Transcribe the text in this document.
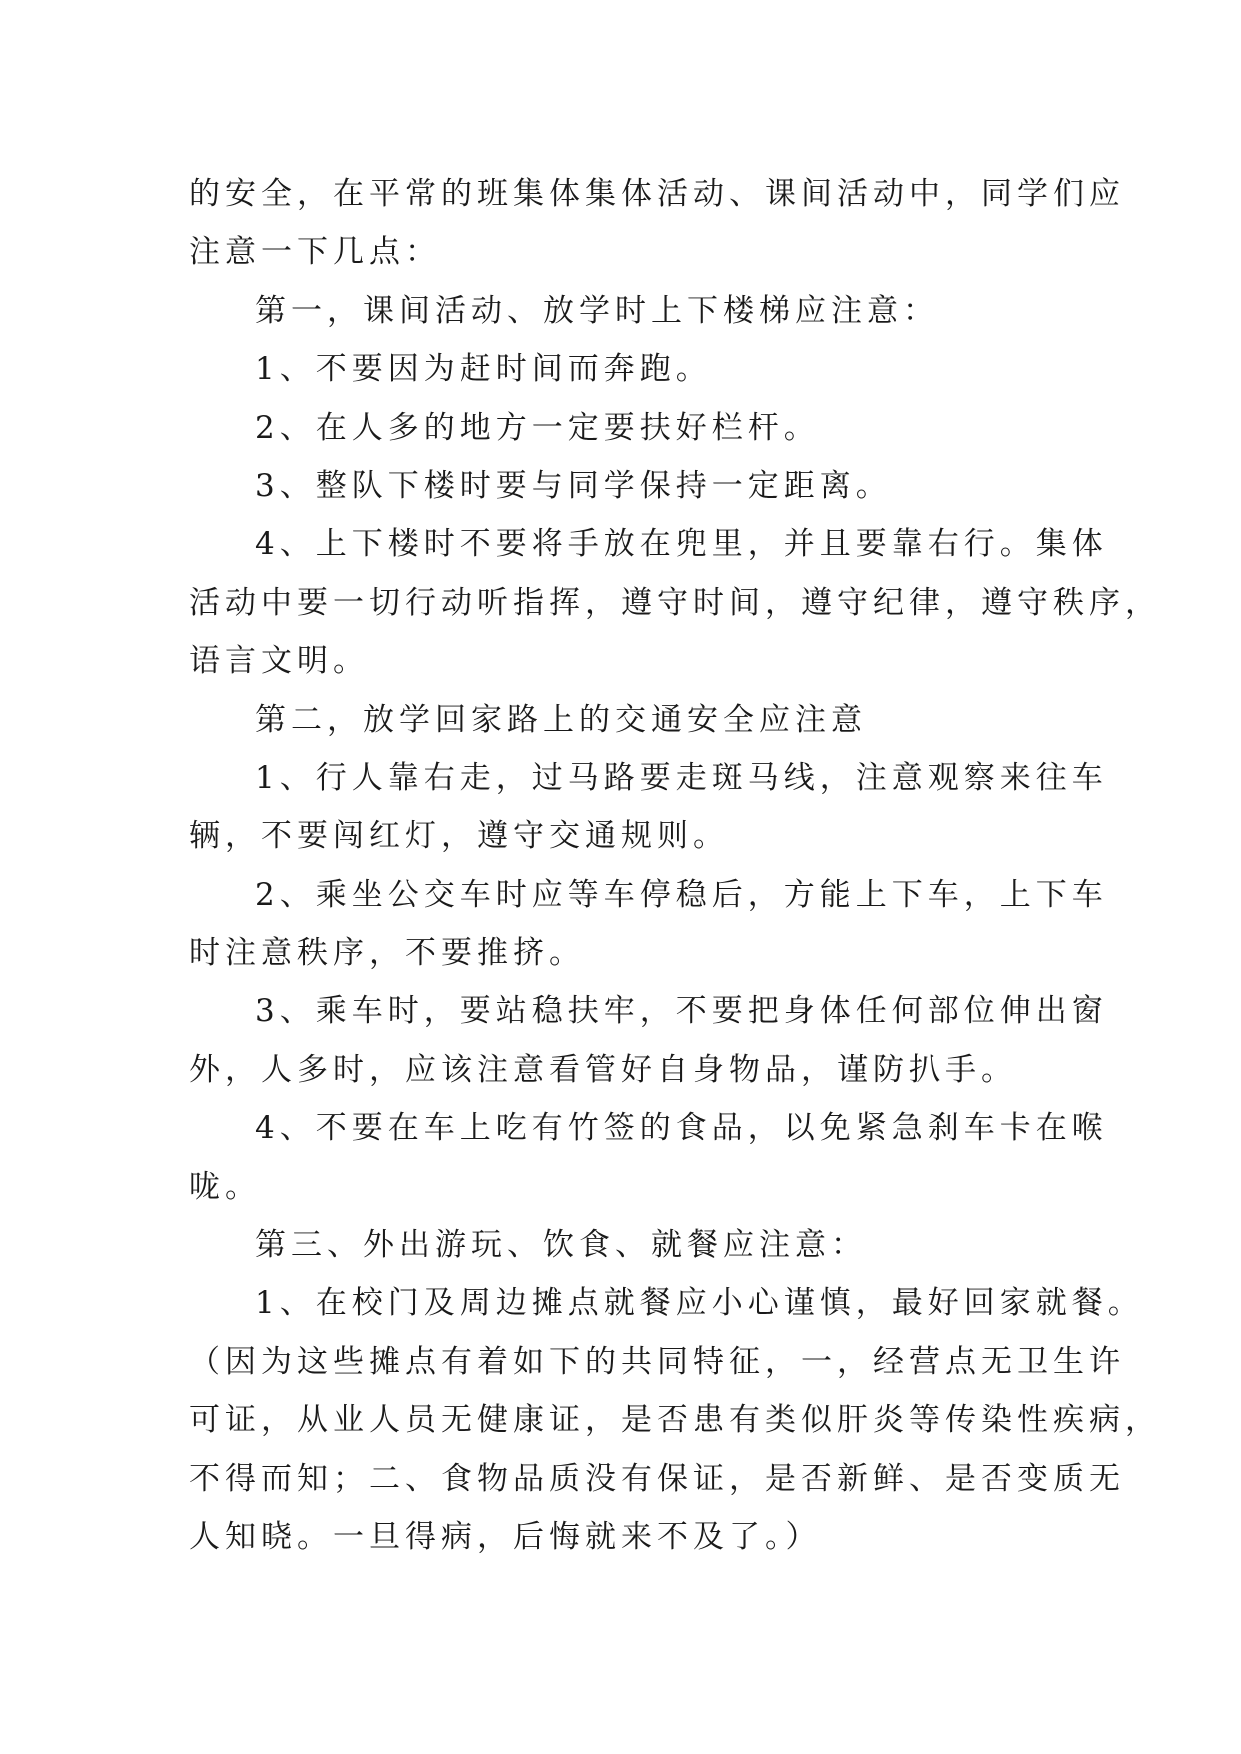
的安全，在平常的班集体集体活动、课间活动中，同学们应
注意一下几点：
第一，课间活动、放学时上下楼梯应注意：
1、不要因为赶时间而奔跑。
2、在人多的地方一定要扶好栏杆。
3、整队下楼时要与同学保持一定距离。
4、上下楼时不要将手放在兜里，并且要靠右行。集体
活动中要一切行动听指挥，遵守时间，遵守纪律，遵守秩序，
语言文明。
第二，放学回家路上的交通安全应注意
1、行人靠右走，过马路要走斑马线，注意观察来往车
辆，不要闯红灯，遵守交通规则。
2、乘坐公交车时应等车停稳后，方能上下车，上下车
时注意秩序，不要推挤。
3、乘车时，要站稳扶牢，不要把身体任何部位伸出窗
外，人多时，应该注意看管好自身物品，谨防扒手。
4、不要在车上吃有竹签的食品，以免紧急刹车卡在喉
咙。
第三、外出游玩、饮食、就餐应注意：
1、在校门及周边摊点就餐应小心谨慎，最好回家就餐。
（因为这些摊点有着如下的共同特征，一，经营点无卫生许
可证，从业人员无健康证，是否患有类似肝炎等传染性疾病，
不得而知；二、食物品质没有保证，是否新鲜、是否变质无
人知晓。一旦得病，后悔就来不及了。）
